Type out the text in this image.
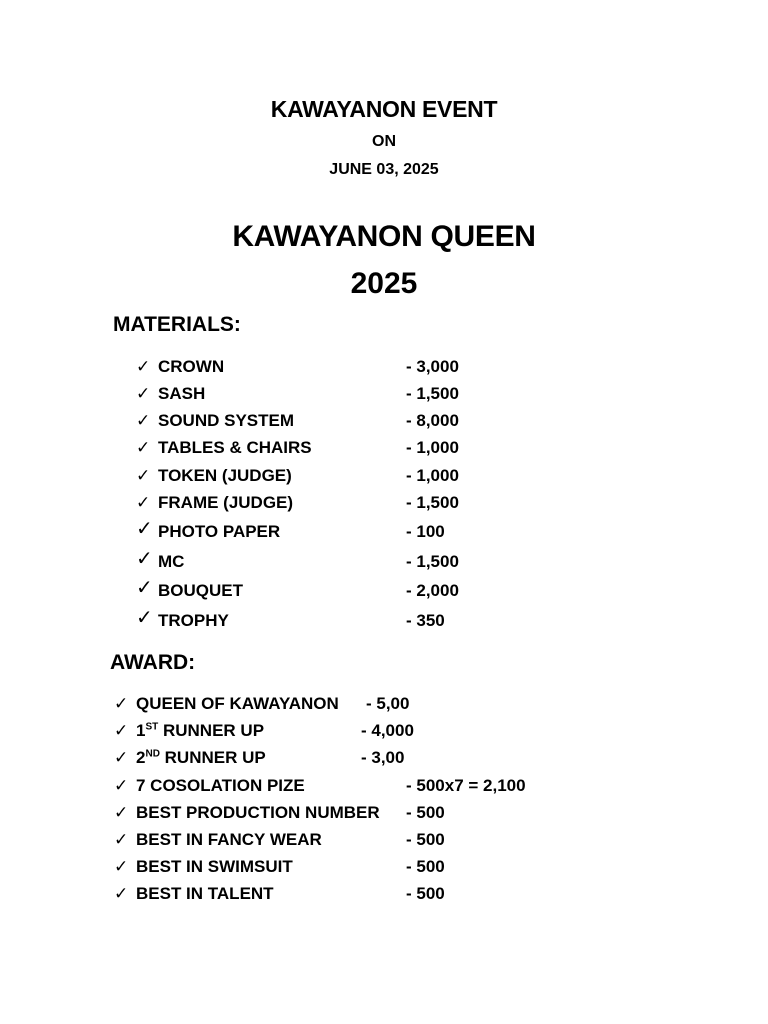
KAWAYANON EVENT
ON
JUNE 03, 2025
KAWAYANON QUEEN
2025
MATERIALS:
✓ CROWN	- 3,000
✓ SASH	- 1,500
✓ SOUND SYSTEM	- 8,000
✓ TABLES & CHAIRS	- 1,000
✓ TOKEN (JUDGE)	- 1,000
✓ FRAME (JUDGE)	- 1,500
✓ PHOTO PAPER	- 100
✓ MC	- 1,500
✓ BOUQUET	- 2,000
✓ TROPHY	- 350
AWARD:
✓ QUEEN OF KAWAYANON - 5,00
✓ 1ST RUNNER UP	- 4,000
✓ 2ND RUNNER UP	- 3,00
✓ 7 COSOLATION PIZE	- 500x7 = 2,100
✓ BEST PRODUCTION NUMBER - 500
✓ BEST IN FANCY WEAR	- 500
✓ BEST IN SWIMSUIT	- 500
✓ BEST IN TALENT	- 500
